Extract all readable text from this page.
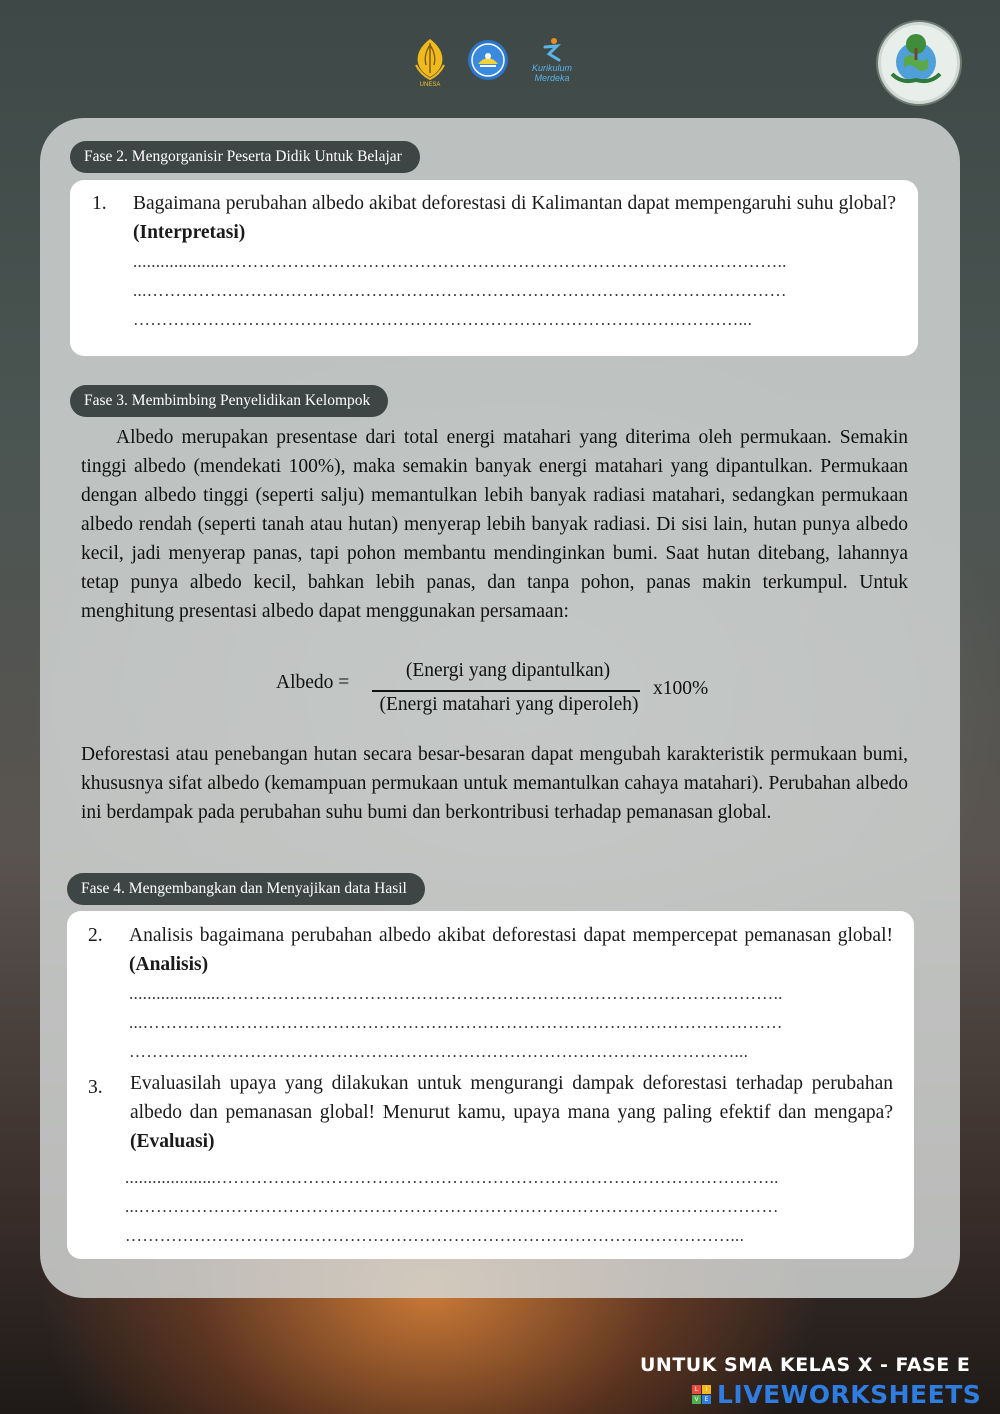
UNESA
Kurikulum
Merdeka
Fase 2. Mengorganisir Peserta Didik Untuk Belajar
1. Bagaimana perubahan albedo akibat deforestasi di Kalimantan dapat mempengaruhi suhu global? (Interpretasi)
....................……………………………………………………………………………………..
...…………………………………………………………………………………………………
……………………………………………………………………………………………...
Fase 3. Membimbing Penyelidikan Kelompok
Albedo merupakan presentase dari total energi matahari yang diterima oleh permukaan. Semakin tinggi albedo (mendekati 100%), maka semakin banyak energi matahari yang dipantulkan. Permukaan dengan albedo tinggi (seperti salju) memantulkan lebih banyak radiasi matahari, sedangkan permukaan albedo rendah (seperti tanah atau hutan) menyerap lebih banyak radiasi. Di sisi lain, hutan punya albedo kecil, jadi menyerap panas, tapi pohon membantu mendinginkan bumi. Saat hutan ditebang, lahannya tetap punya albedo kecil, bahkan lebih panas, dan tanpa pohon, panas makin terkumpul. Untuk menghitung presentasi albedo dapat menggunakan persamaan:
Albedo =
(Energi yang dipantulkan)
(Energi matahari yang diperoleh)
x100%
Deforestasi atau penebangan hutan secara besar-besaran dapat mengubah karakteristik permukaan bumi, khususnya sifat albedo (kemampuan permukaan untuk memantulkan cahaya matahari). Perubahan albedo ini berdampak pada perubahan suhu bumi dan berkontribusi terhadap pemanasan global.
Fase 4. Mengembangkan dan Menyajikan data Hasil
2. Analisis bagaimana perubahan albedo akibat deforestasi dapat mempercepat pemanasan global! (Analisis)
....................……………………………………………………………………………………..
...…………………………………………………………………………………………………
……………………………………………………………………………………………...
3. Evaluasilah upaya yang dilakukan untuk mengurangi dampak deforestasi terhadap perubahan albedo dan pemanasan global! Menurut kamu, upaya mana yang paling efektif dan mengapa? (Evaluasi)
....................……………………………………………………………………………………..
...…………………………………………………………………………………………………
……………………………………………………………………………………………...
UNTUK SMA KELAS X - FASE E
L	I
V	E LIVEWORKSHEETS
